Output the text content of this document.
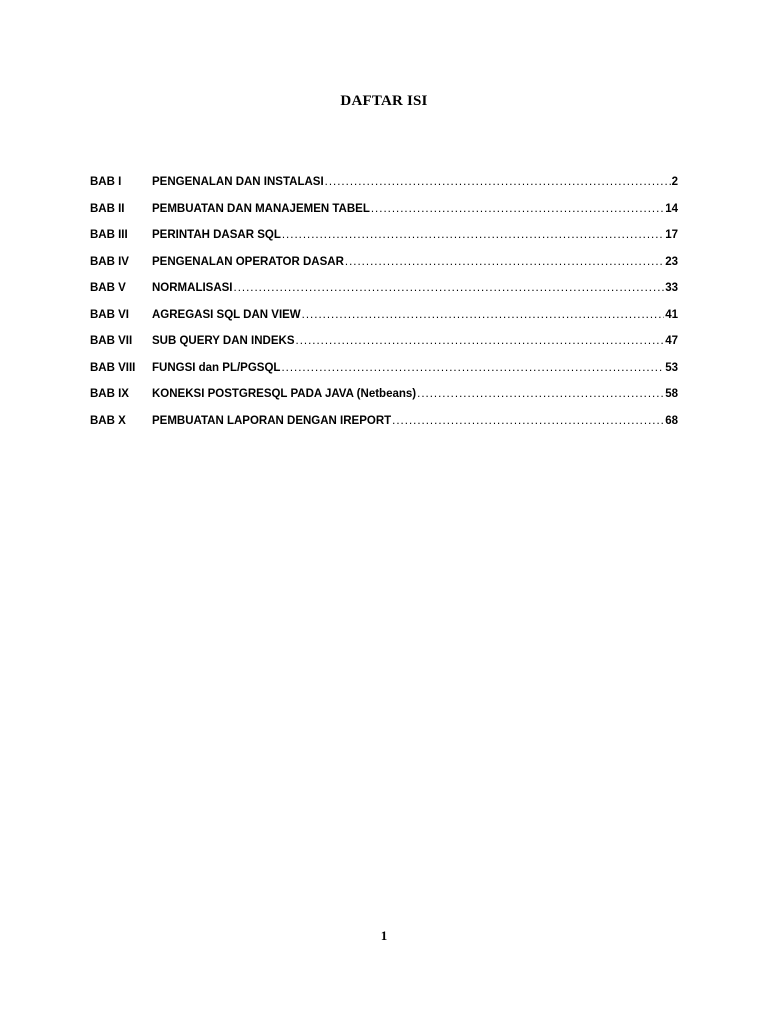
DAFTAR ISI
BAB I	PENGENALAN DAN INSTALASI .....	2
BAB II	PEMBUATAN DAN MANAJEMEN TABEL .....	14
BAB III	PERINTAH DASAR SQL .....	17
BAB IV	PENGENALAN OPERATOR DASAR .....	23
BAB V	NORMALISASI .....	33
BAB VI	AGREGASI SQL DAN VIEW .....	41
BAB VII	SUB QUERY DAN INDEKS .....	47
BAB VIII	FUNGSI dan PL/PGSQL .....	53
BAB IX	KONEKSI POSTGRESQL PADA JAVA (Netbeans) .....	58
BAB X	PEMBUATAN LAPORAN DENGAN IREPORT .....	68
1
